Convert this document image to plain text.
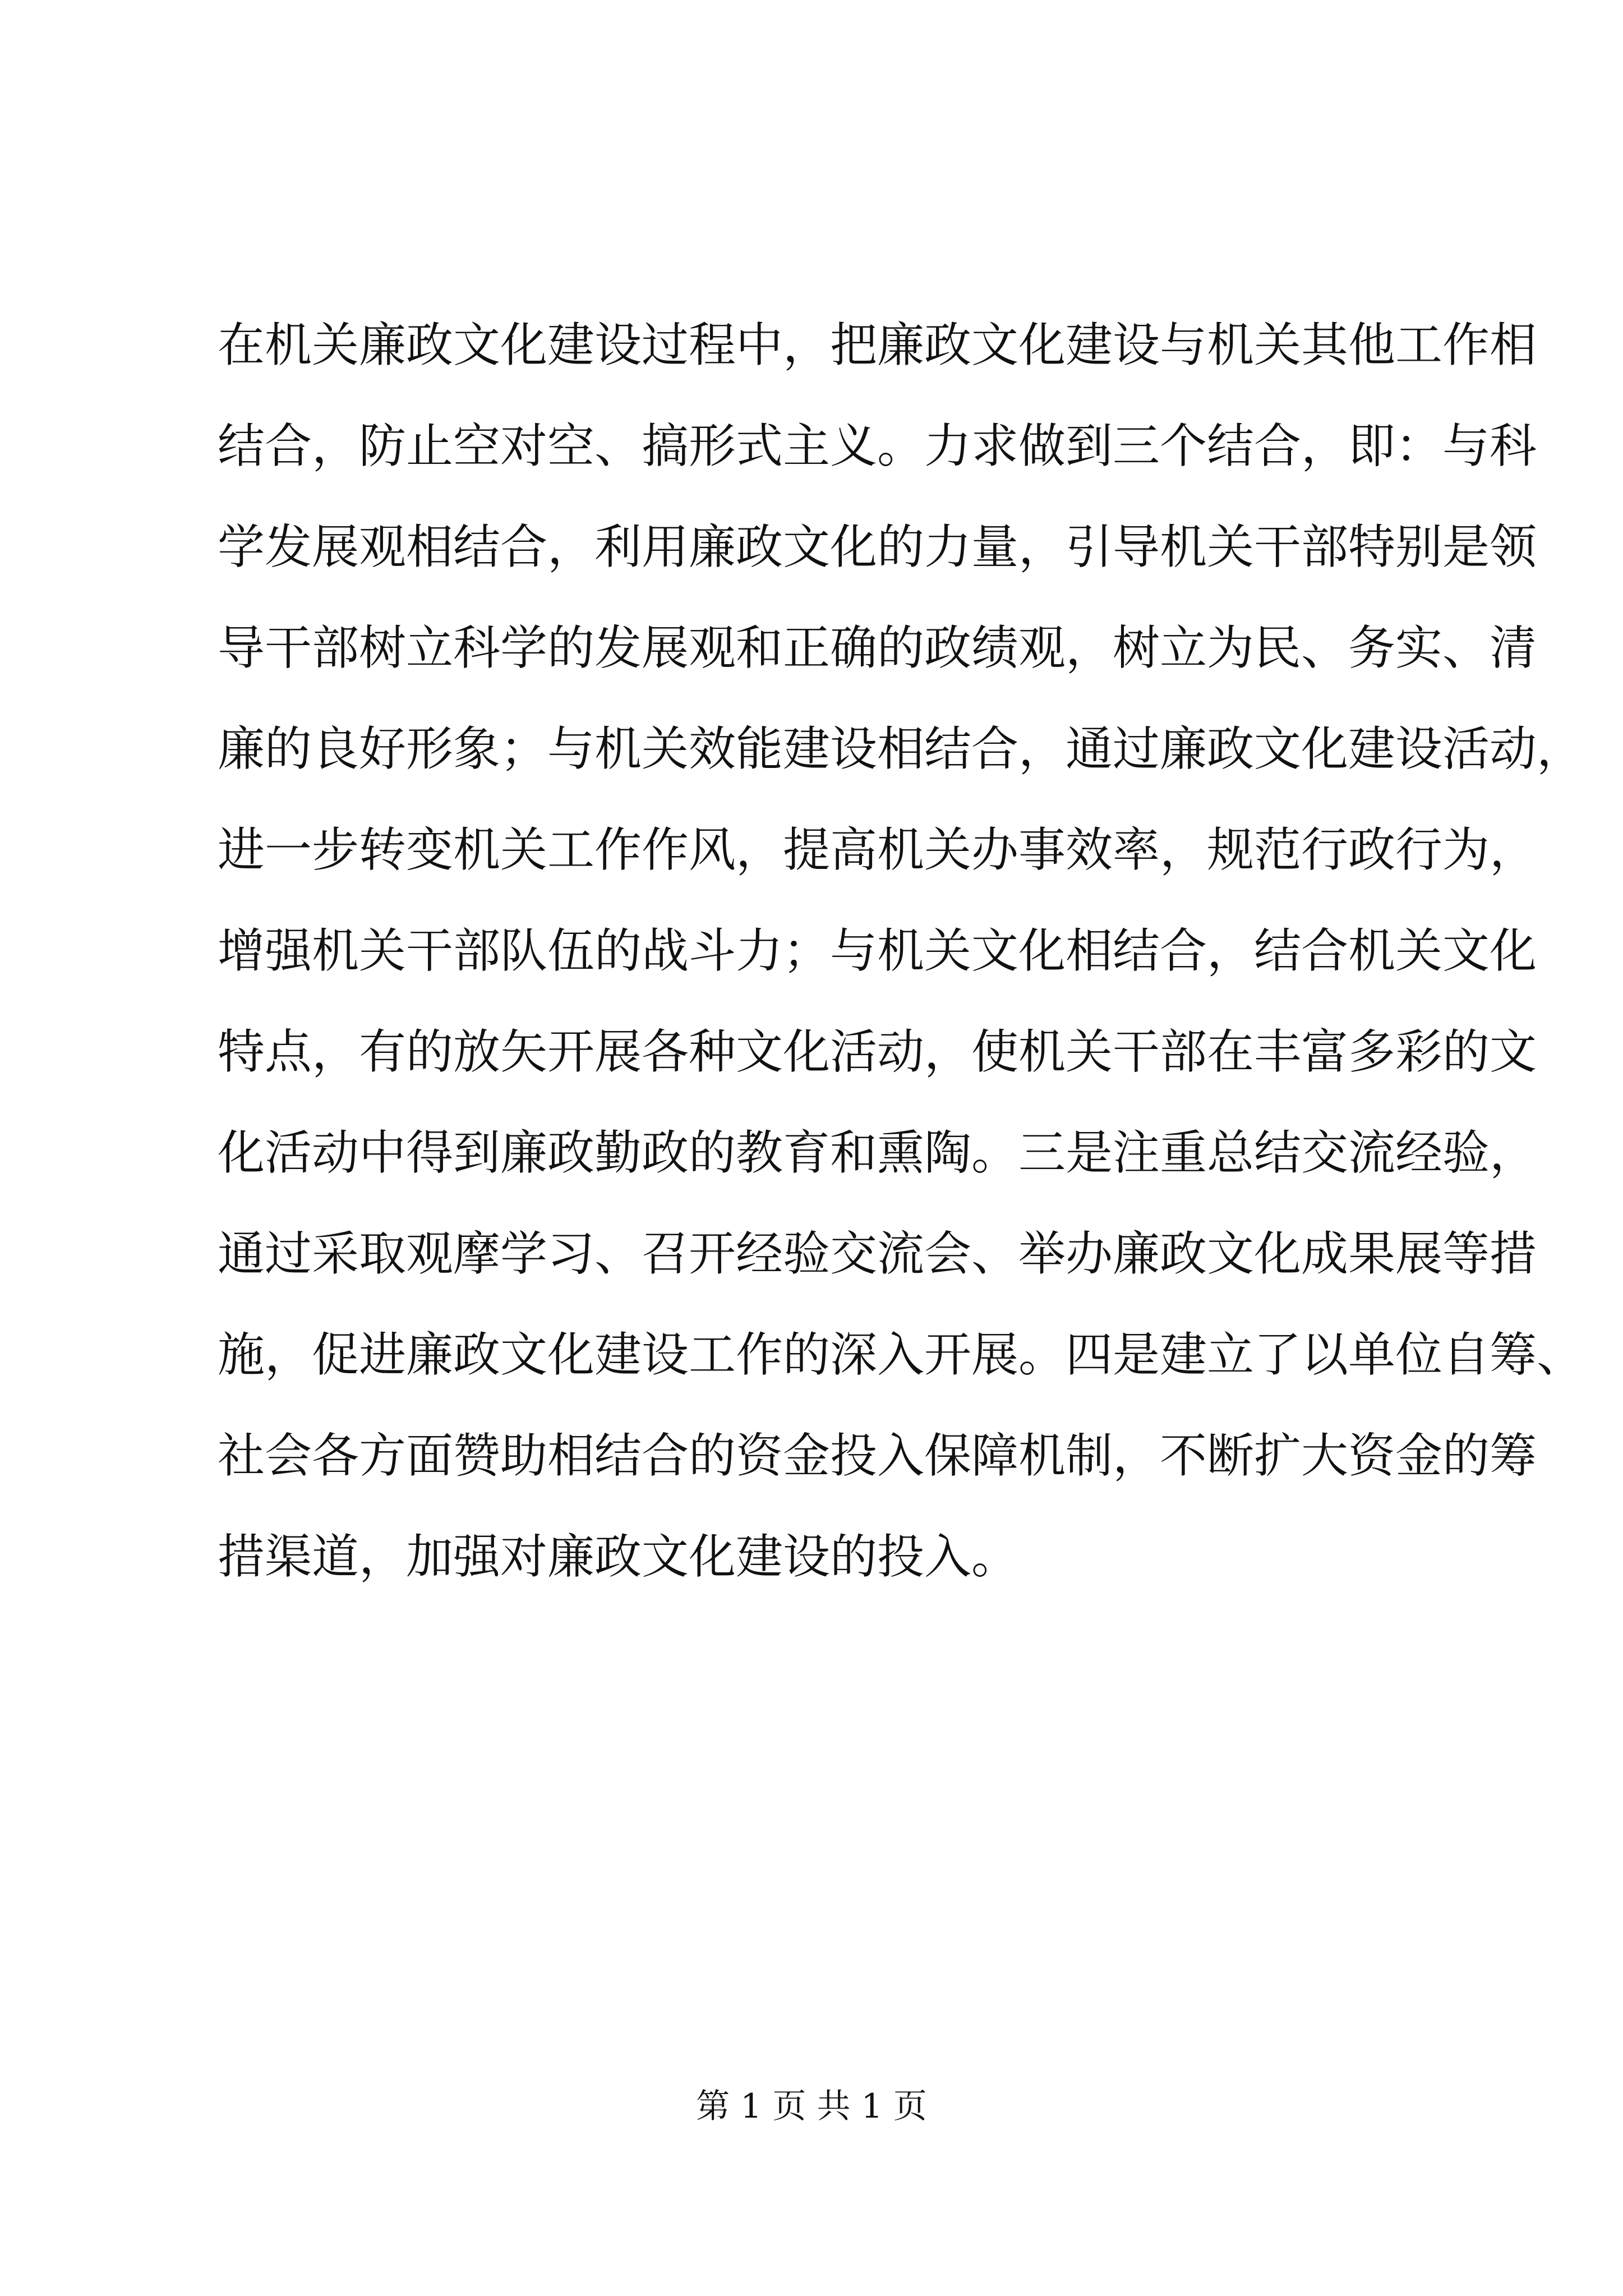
在机关廉政文化建设过程中，把廉政文化建设与机关其他工作相
结合，防止空对空、搞形式主义。力求做到三个结合，即：与科
学发展观相结合，利用廉政文化的力量，引导机关干部特别是领
导干部树立科学的发展观和正确的政绩观，树立为民、务实、清
廉的良好形象；与机关效能建设相结合，通过廉政文化建设活动，
进一步转变机关工作作风，提高机关办事效率，规范行政行为，
增强机关干部队伍的战斗力；与机关文化相结合，结合机关文化
特点，有的放矢开展各种文化活动，使机关干部在丰富多彩的文
化活动中得到廉政勤政的教育和熏陶。三是注重总结交流经验，
通过采取观摩学习、召开经验交流会、举办廉政文化成果展等措
施，促进廉政文化建设工作的深入开展。四是建立了以单位自筹、
社会各方面赞助相结合的资金投入保障机制，不断扩大资金的筹
措渠道，加强对廉政文化建设的投入。
第 1 页 共 1 页
